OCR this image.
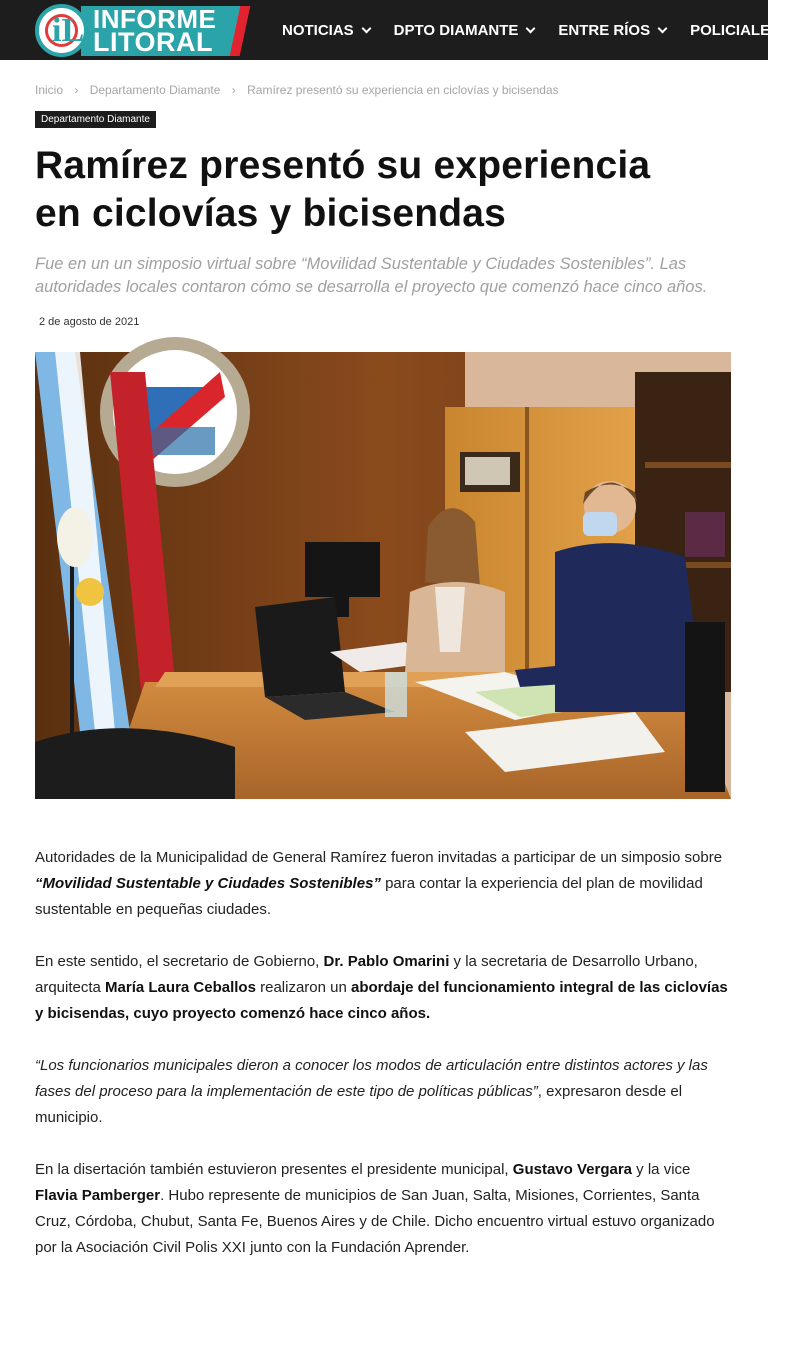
iL INFORME
LITORAL	NOTICIAS	DPTO DIAMANTE	ENTRE RÍOS	POLICIALES
Inicio › Departamento Diamante › Ramírez presentó su experiencia en ciclovías y bicisendas
Departamento Diamante
Ramírez presentó su experiencia
en ciclovías y bicisendas

Fue en un un simposio virtual sobre “Movilidad Sustentable y Ciudades Sostenibles”. Las autoridades locales contaron cómo se desarrolla el proyecto que comenzó hace cinco años.

2 de agosto de 2021

Autoridades de la Municipalidad de General Ramírez fueron invitadas a participar de un simposio sobre “Movilidad Sustentable y Ciudades Sostenibles” para contar la experiencia del plan de movilidad sustentable en pequeñas ciudades.

En este sentido, el secretario de Gobierno, Dr. Pablo Omarini y la secretaria de Desarrollo Urbano, arquitecta María Laura Ceballos realizaron un abordaje del funcionamiento integral de las ciclovías y bicisendas, cuyo proyecto comenzó hace cinco años.

“Los funcionarios municipales dieron a conocer los modos de articulación entre distintos actores y las fases del proceso para la implementación de este tipo de políticas públicas”, expresaron desde el municipio.

En la disertación también estuvieron presentes el presidente municipal, Gustavo Vergara y la vice Flavia Pamberger. Hubo represente de municipios de San Juan, Salta, Misiones, Corrientes, Santa Cruz, Córdoba, Chubut, Santa Fe, Buenos Aires y de Chile. Dicho encuentro virtual estuvo organizado por la Asociación Civil Polis XXI junto con la Fundación Aprender.
